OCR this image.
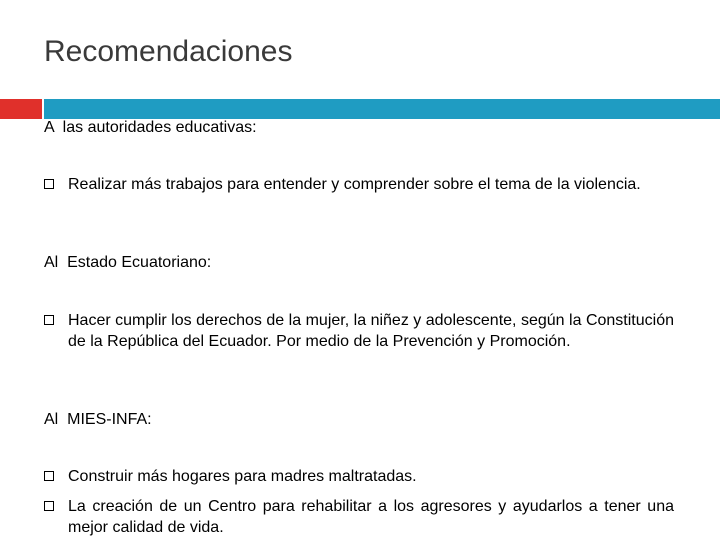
Recomendaciones
A  las autoridades educativas:
Realizar más trabajos para entender y comprender sobre el tema de la violencia.
Al  Estado Ecuatoriano:
Hacer cumplir los derechos de la mujer, la niñez y adolescente, según la Constitución de la República del Ecuador. Por medio de la Prevención y Promoción.
Al  MIES-INFA:
Construir más hogares para madres maltratadas.
La creación de un Centro para rehabilitar a los agresores y ayudarlos a tener una mejor calidad de vida.
